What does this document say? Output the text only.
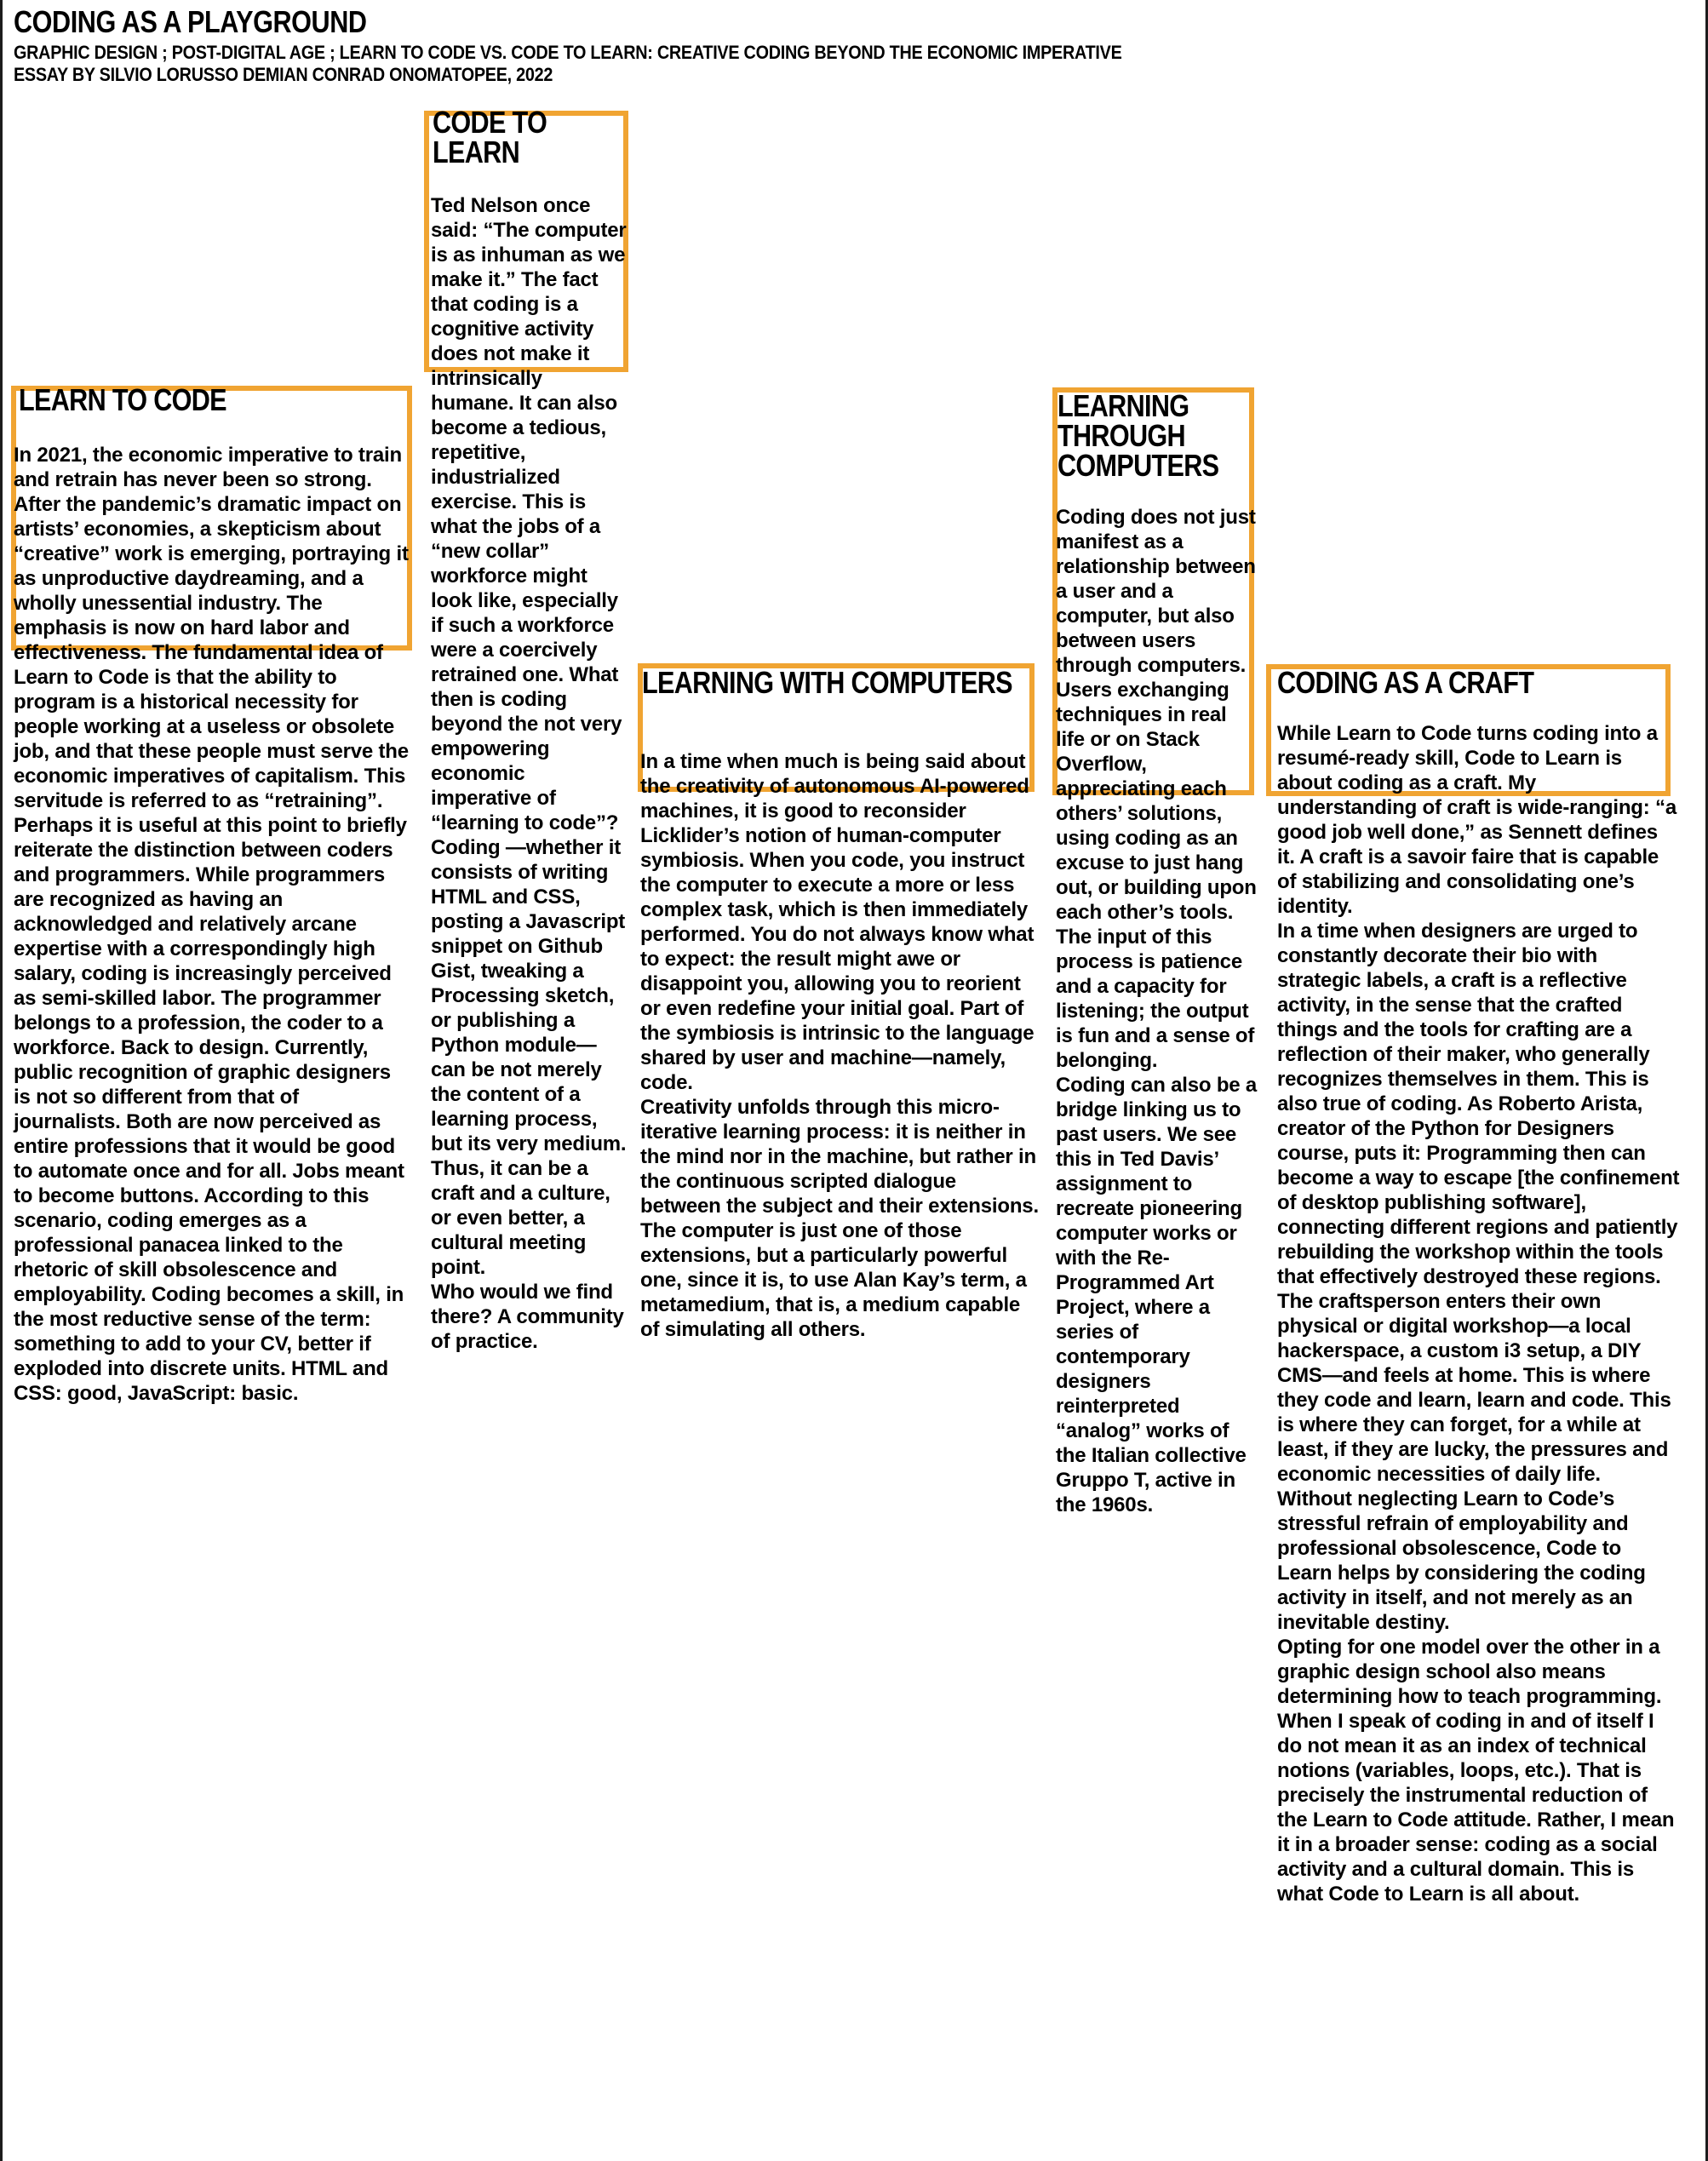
CODING AS A PLAYGROUND
GRAPHIC DESIGN ; POST-DIGITAL AGE ; LEARN TO CODE VS. CODE TO LEARN: CREATIVE CODING BEYOND THE ECONOMIC IMPERATIVE
ESSAY BY SILVIO LORUSSO DEMIAN CONRAD ONOMATOPEE, 2022
LEARN TO CODE

In 2021, the economic imperative to train and retrain has never been so strong. After the pandemic’s dramatic impact on artists’ economies, a skepticism about “creative” work is emerging, portraying it as unproductive daydreaming, and a wholly unessential industry. The emphasis is now on hard labor and effectiveness. The fundamental idea of Learn to Code is that the ability to program is a historical necessity for people working at a useless or obsolete job, and that these people must serve the economic imperatives of capitalism. This servitude is referred to as “retraining”.

Perhaps it is useful at this point to briefly reiterate the distinction between coders and programmers. While programmers are recognized as having an acknowledged and relatively arcane expertise with a correspondingly high salary, coding is increasingly perceived as semi-skilled labor. The programmer belongs to a profession, the coder to a workforce. Back to design. Currently, public recognition of graphic designers is not so different from that of journalists. Both are now perceived as entire professions that it would be good to automate once and for all. Jobs meant to become buttons. According to this scenario, coding emerges as a professional panacea linked to the rhetoric of skill obsolescence and employability. Coding becomes a skill, in the most reductive sense of the term: something to add to your CV, better if exploded into discrete units. HTML and CSS: good, JavaScript: basic.

CODE TO LEARN

Ted Nelson once said: “The computer is as inhuman as we make it.” The fact that coding is a cognitive activity does not make it intrinsically humane. It can also become a tedious, repetitive, industrialized exercise. This is what the jobs of a “new collar” workforce might look like, especially if such a workforce were a coercively retrained one. What then is coding beyond the not very empowering economic imperative of “learning to code”? Coding —whether it consists of writing HTML and CSS, posting a Javascript snippet on Github Gist, tweaking a Processing sketch, or publishing a Python module— can be not merely the content of a learning process, but its very medium. Thus, it can be a craft and a culture, or even better, a cultural meeting point.

Who would we find there? A community of practice.

LEARNING WITH COMPUTERS

In a time when much is being said about the creativity of autonomous AI-powered machines, it is good to reconsider Licklider’s notion of human-computer symbiosis. When you code, you instruct the computer to execute a more or less complex task, which is then immediately performed. You do not always know what to expect: the result might awe or disappoint you, allowing you to reorient or even redefine your initial goal. Part of the symbiosis is intrinsic to the language shared by user and machine—namely, code.

Creativity unfolds through this micro-iterative learning process: it is neither in the mind nor in the machine, but rather in the continuous scripted dialogue between the subject and their extensions. The computer is just one of those extensions, but a particularly powerful one, since it is, to use Alan Kay’s term, a metamedium, that is, a medium capable of simulating all others.

LEARNING THROUGH COMPUTERS

Coding does not just manifest as a relationship between a user and a computer, but also between users through computers. Users exchanging techniques in real life or on Stack Overflow, appreciating each others’ solutions, using coding as an excuse to just hang out, or building upon each other’s tools. The input of this process is patience and a capacity for listening; the output is fun and a sense of belonging.

Coding can also be a bridge linking us to past users. We see this in Ted Davis’ assignment to recreate pioneering computer works or with the Re-Programmed Art Project, where a series of contemporary designers reinterpreted “analog” works of the Italian collective Gruppo T, active in the 1960s.

CODING AS A CRAFT

While Learn to Code turns coding into a resumé-ready skill, Code to Learn is about coding as a craft. My understanding of craft is wide-ranging: “a good job well done,” as Sennett defines it. A craft is a savoir faire that is capable of stabilizing and consolidating one’s identity.

In a time when designers are urged to constantly decorate their bio with strategic labels, a craft is a reflective activity, in the sense that the crafted things and the tools for crafting are a reflection of their maker, who generally recognizes themselves in them. This is also true of coding. As Roberto Arista, creator of the Python for Designers course, puts it: Programming then can become a way to escape [the confinement of desktop publishing software], connecting different regions and patiently rebuilding the workshop within the tools that effectively destroyed these regions.

The craftsperson enters their own physical or digital workshop—a local hackerspace, a custom i3 setup, a DIY CMS—and feels at home. This is where they code and learn, learn and code. This is where they can forget, for a while at least, if they are lucky, the pressures and economic necessities of daily life.

Without neglecting Learn to Code’s stressful refrain of employability and professional obsolescence, Code to Learn helps by considering the coding activity in itself, and not merely as an inevitable destiny.

Opting for one model over the other in a graphic design school also means determining how to teach programming. When I speak of coding in and of itself I do not mean it as an index of technical notions (variables, loops, etc.). That is precisely the instrumental reduction of the Learn to Code attitude. Rather, I mean it in a broader sense: coding as a social activity and a cultural domain. This is what Code to Learn is all about.
